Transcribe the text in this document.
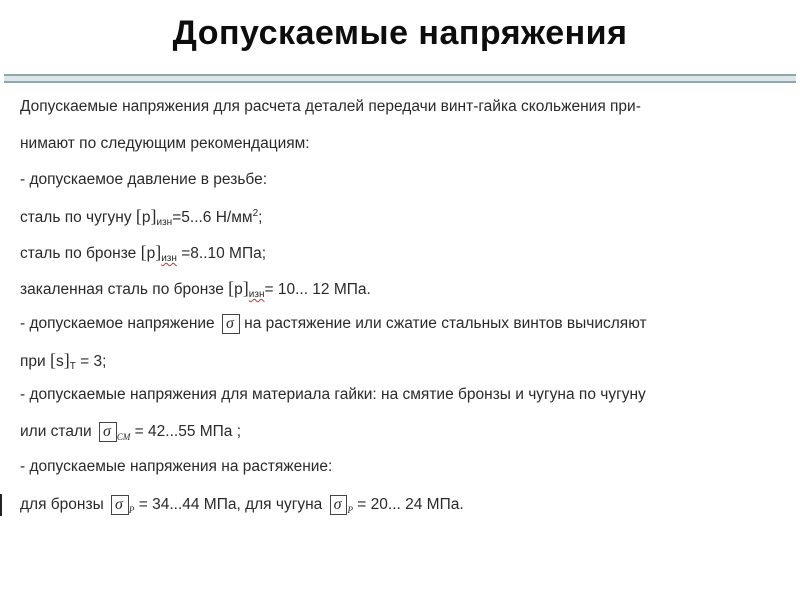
Допускаемые напряжения
Допускаемые напряжения для расчета деталей передачи винт-гайка скольжения при-
нимают по следующим рекомендациям:
- допускаемое давление в резьбе:
сталь по чугуну $[p]_{изн}=5...6$ $Н/мм^2$;
сталь по бронзе $[p]_{изн} =8..10$ МПа;
закаленная сталь по бронзе $[p]_{изн}= 10$... 12 МПа.
- допускаемое напряжение σ на растяжение или сжатие стальных винтов вычисляют
при $[s]_T = 3$;
- допускаемые напряжения для материала гайки: на смятие бронзы и чугуна по чугуну
или стали σ $_{СМ}$ = 42...55 МПа ;
- допускаемые напряжения на растяжение:
для бронзы σ $_P$ = 34...44 МПа, для чугуна σ $_P$ = 20... 24 МПа.
